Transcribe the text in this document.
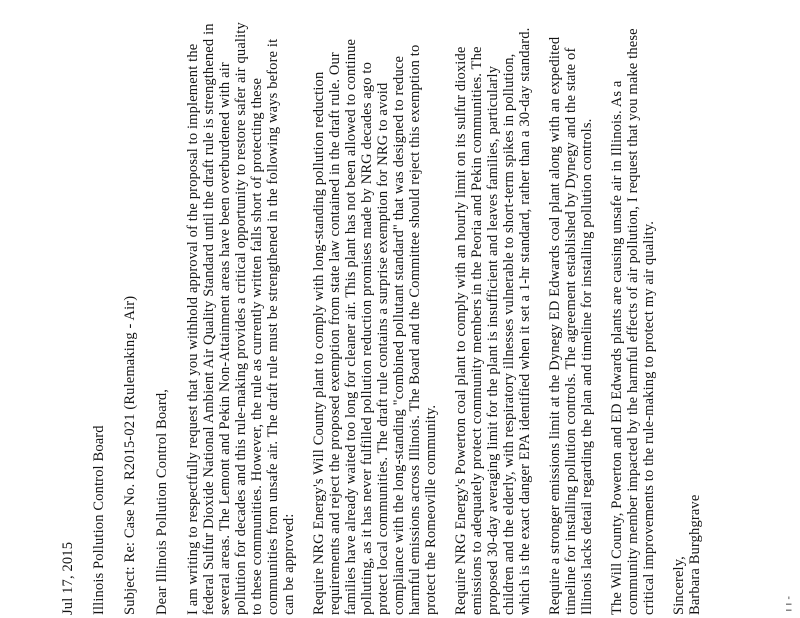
Jul 17, 2015 Illinois Pollution Control Board Subject: Re: Case No. R2015-021 (Rulemaking - Air) Dear Illinois Pollution Control Board, I am writing to respectfully request that you withhold approval of the proposal to implement the federal Sulfur Dioxide National Ambient Air Quality Standard until the draft rule is strengthened in several areas. The Lemont and Pekin Non-Attainment areas have been overburdened with air pollution for decades and this rule-making provides a critical opportunity to restore safer air quality to these communities. However, the rule as currently written falls short of protecting these communities from unsafe air. The draft rule must be strengthened in the following ways before it can be approved: Require NRG Energy's Will County plant to comply with long-standing pollution reduction requirements and reject the proposed exemption from state law contained in the draft rule. Our families have already waited too long for cleaner air. This plant has not been allowed to continue polluting, as it has never fulfilled pollution reduction promises made by NRG decades ago to protect local communities. The draft rule contains a surprise exemption for NRG to avoid compliance with the long-standing "combined pollutant standard" that was designed to reduce harmful emissions across Illinois. The Board and the Committee should reject this exemption to protect the Romeoville community. Require NRG Energy's Powerton coal plant to comply with an hourly limit on its sulfur dioxide emissions to adequately protect community members in the Peoria and Pekin communities. The proposed 30-day averaging limit for the plant is insufficient and leaves families, particularly children and the elderly, with respiratory illnesses vulnerable to short-term spikes in pollution, which is the exact danger EPA identified when it set a 1-hr standard, rather than a 30-day standard. Require a stronger emissions limit at the Dynegy ED Edwards coal plant along with an expedited timeline for installing pollution controls. The agreement established by Dynegy and the state of Illinois lacks detail regarding the plan and timeline for installing pollution controls. The Will County, Powerton and ED Edwards plants are causing unsafe air in Illinois. As a community member impacted by the harmful effects of air pollution, I request that you make these critical improvements to the rule-making to protect my air quality. Sincerely, Barbara Burghgrave	- ı ı
